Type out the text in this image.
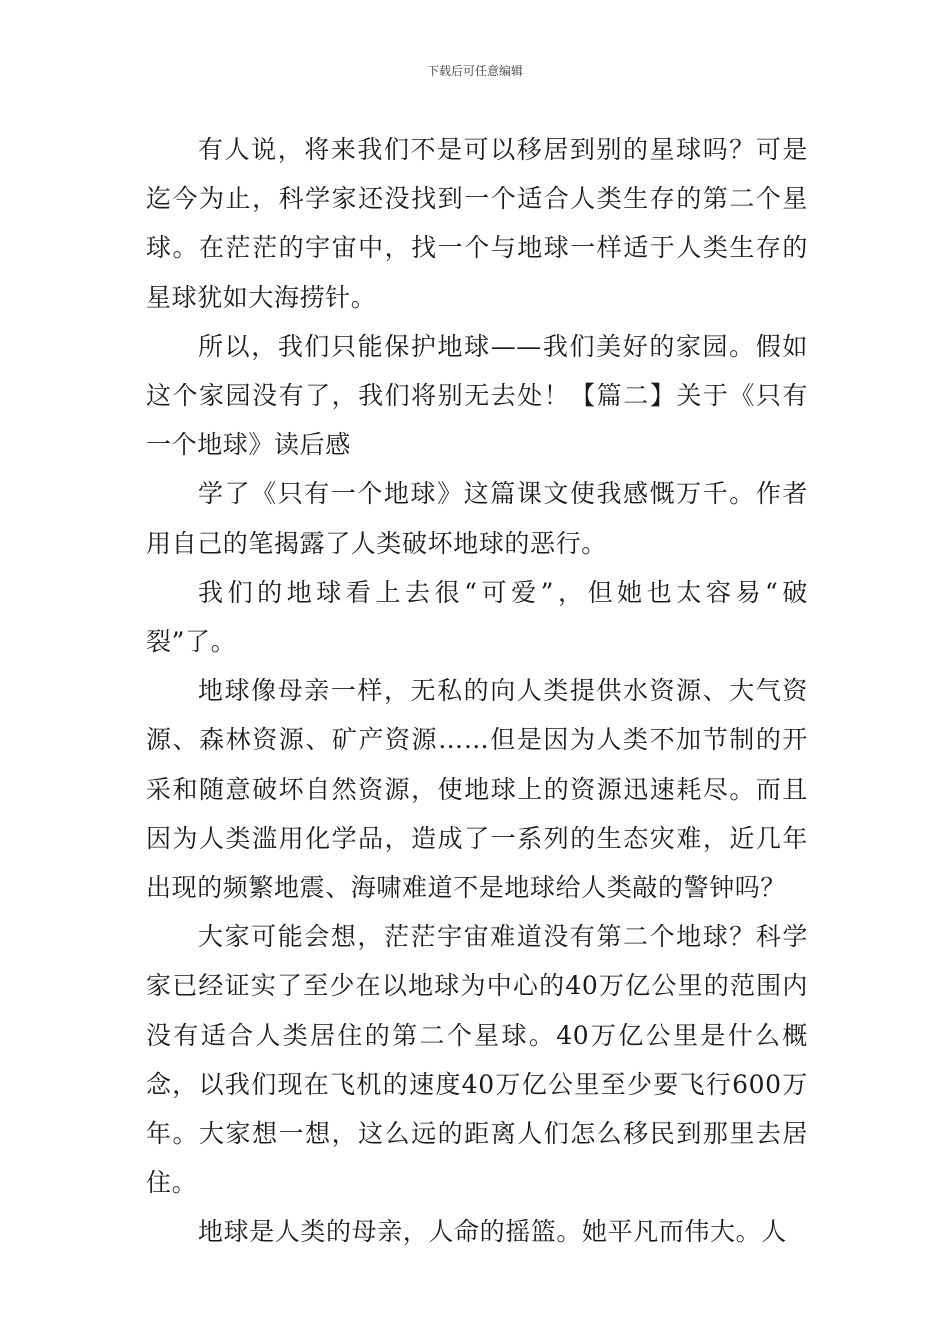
下载后可任意编辑

有人说，将来我们不是可以移居到别的星球吗？可是迄今为止，科学家还没找到一个适合人类生存的第二个星球。在茫茫的宇宙中，找一个与地球一样适于人类生存的星球犹如大海捞针。

所以，我们只能保护地球——我们美好的家园。假如这个家园没有了，我们将别无去处！【篇二】关于《只有一个地球》读后感

学了《只有一个地球》这篇课文使我感慨万千。作者用自己的笔揭露了人类破坏地球的恶行。

我们的地球看上去很“可爱”，但她也太容易“破裂”了。

地球像母亲一样，无私的向人类提供水资源、大气资源、森林资源、矿产资源……但是因为人类不加节制的开采和随意破坏自然资源，使地球上的资源迅速耗尽。而且因为人类滥用化学品，造成了一系列的生态灾难，近几年出现的频繁地震、海啸难道不是地球给人类敲的警钟吗？

大家可能会想，茫茫宇宙难道没有第二个地球？科学家已经证实了至少在以地球为中心的40万亿公里的范围内没有适合人类居住的第二个星球。40万亿公里是什么概念，以我们现在飞机的速度40万亿公里至少要飞行600万年。大家想一想，这么远的距离人们怎么移民到那里去居住。

地球是人类的母亲，人命的摇篮。她平凡而伟大。人
